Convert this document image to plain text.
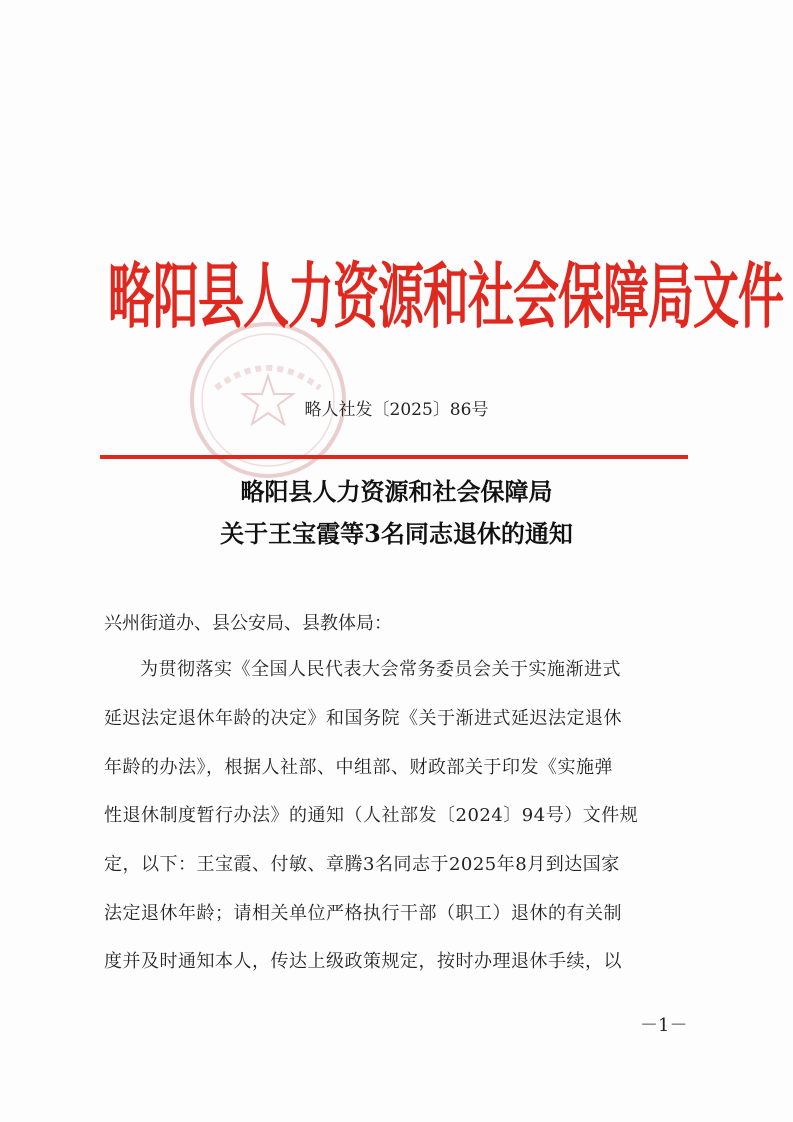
略阳县人力资源和社会保障局文件
略人社发〔2025〕86号
略阳县人力资源和社会保障局
关于王宝霞等3名同志退休的通知
兴州街道办、县公安局、县教体局：
为贯彻落实《全国人民代表大会常务委员会关于实施渐进式
延迟法定退休年龄的决定》和国务院《关于渐进式延迟法定退休
年龄的办法》，根据人社部、中组部、财政部关于印发《实施弹
性退休制度暂行办法》的通知（人社部发〔2024〕94号）文件规
定，以下：王宝霞、付敏、章腾3名同志于2025年8月到达国家
法定退休年龄；请相关单位严格执行干部（职工）退休的有关制
度并及时通知本人，传达上级政策规定，按时办理退休手续，以
－1－
